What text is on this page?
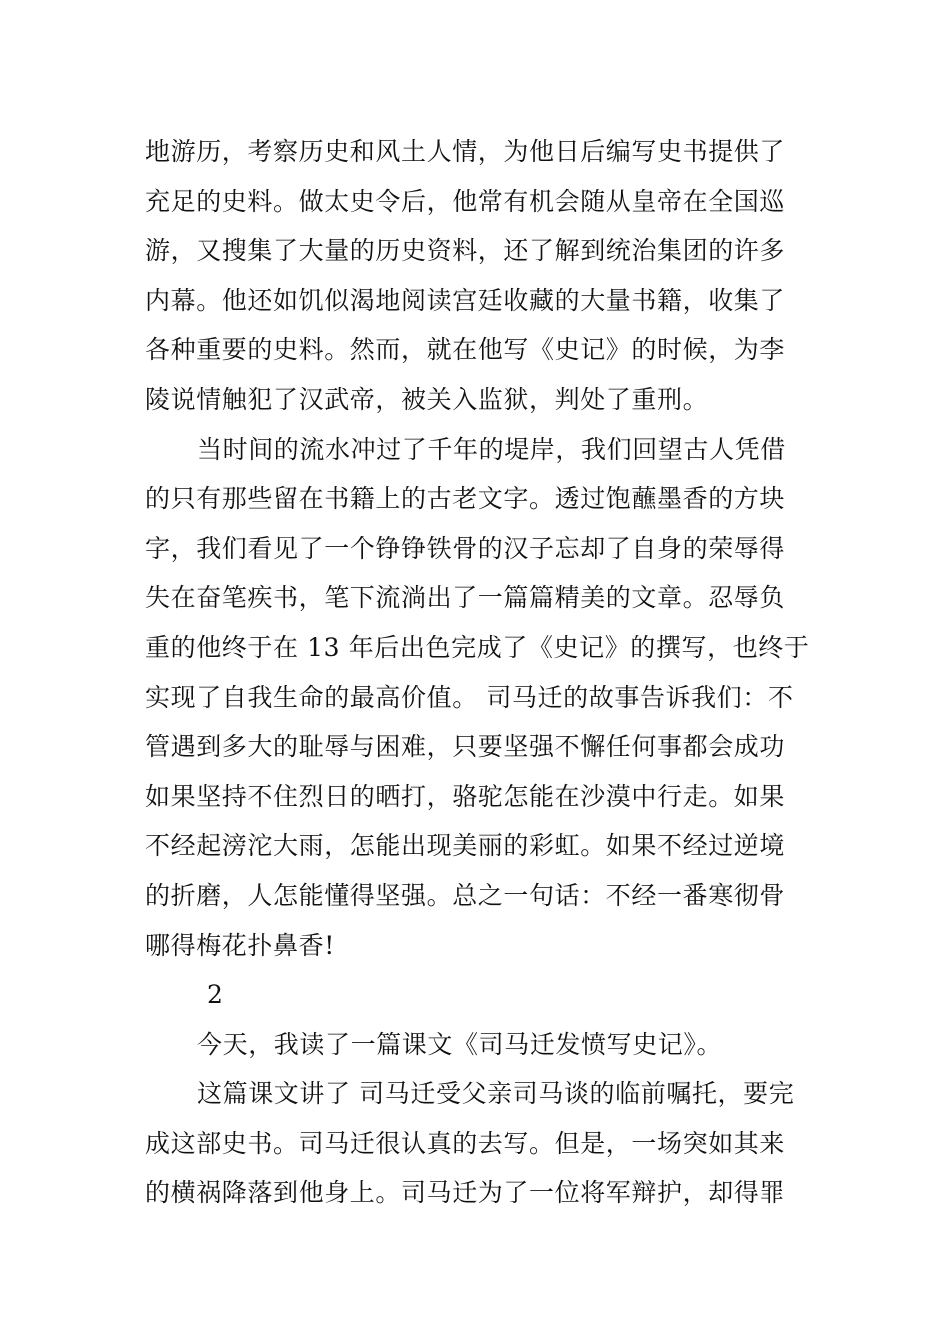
地游历，考察历史和风土人情，为他日后编写史书提供了
充足的史料。做太史令后，他常有机会随从皇帝在全国巡
游，又搜集了大量的历史资料，还了解到统治集团的许多
内幕。他还如饥似渴地阅读宫廷收藏的大量书籍，收集了
各种重要的史料。然而，就在他写《史记》的时候，为李
陵说情触犯了汉武帝，被关入监狱，判处了重刑。
当时间的流水冲过了千年的堤岸，我们回望古人凭借
的只有那些留在书籍上的古老文字。透过饱蘸墨香的方块
字，我们看见了一个铮铮铁骨的汉子忘却了自身的荣辱得
失在奋笔疾书，笔下流淌出了一篇篇精美的文章。忍辱负
重的他终于在 13 年后出色完成了《史记》的撰写，也终于
实现了自我生命的最高价值。 司马迁的故事告诉我们：不
管遇到多大的耻辱与困难，只要坚强不懈任何事都会成功
如果坚持不住烈日的晒打，骆驼怎能在沙漠中行走。如果
不经起滂沱大雨，怎能出现美丽的彩虹。如果不经过逆境
的折磨，人怎能懂得坚强。总之一句话：不经一番寒彻骨
哪得梅花扑鼻香!
2
今天，我读了一篇课文《司马迁发愤写史记》。
这篇课文讲了 司马迁受父亲司马谈的临前嘱托，要完
成这部史书。司马迁很认真的去写。但是，一场突如其来
的横祸降落到他身上。司马迁为了一位将军辩护，却得罪
